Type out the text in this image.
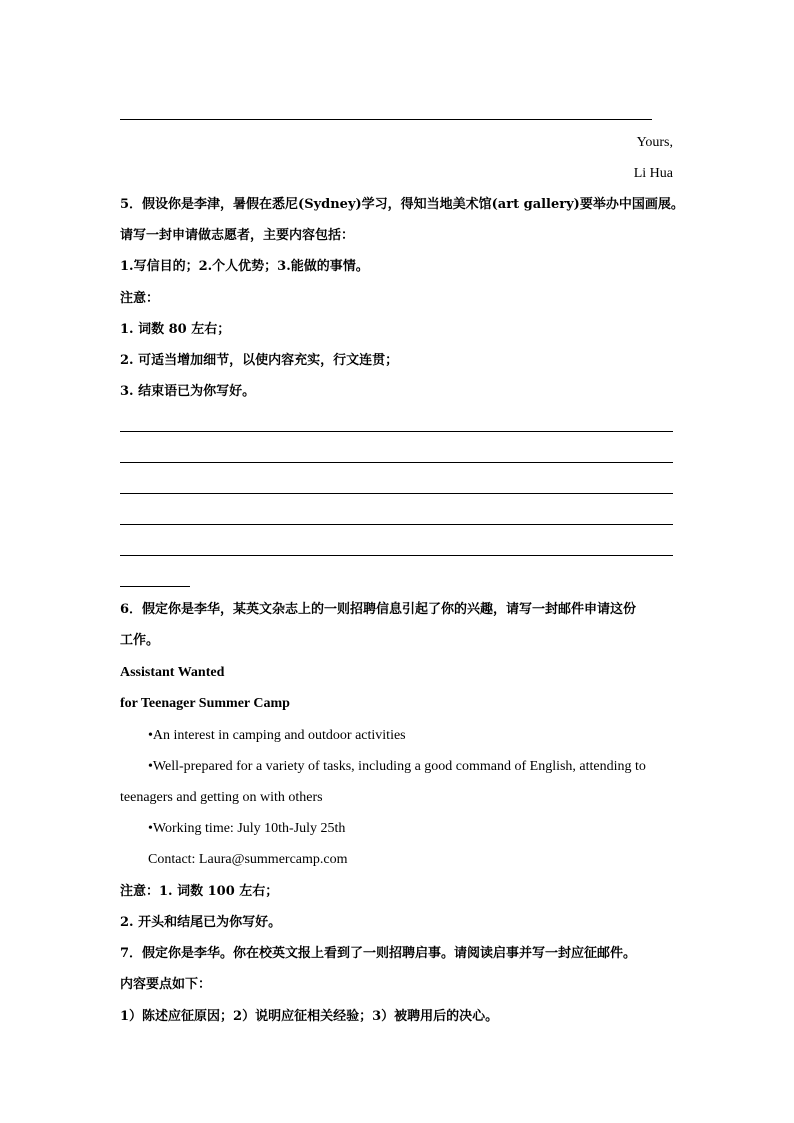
Yours,
Li Hua
5．假设你是李津，暑假在悉尼(Sydney)学习，得知当地美术馆(art gallery)要举办中国画展。
请写一封申请做志愿者，主要内容包括：
1.写信目的；2.个人优势；3.能做的事情。
注意：
1. 词数 80 左右；
2. 可适当增加细节，以使内容充实，行文连贯；
3. 结束语已为你写好。
6．假定你是李华，某英文杂志上的一则招聘信息引起了你的兴趣，请写一封邮件申请这份
工作。
Assistant Wanted
for Teenager Summer Camp
•An interest in camping and outdoor activities
•Well-prepared for a variety of tasks, including a good command of English, attending to
teenagers and getting on with others
•Working time: July 10th-July 25th
Contact: Laura@summercamp.com
注意：1. 词数 100 左右；
2. 开头和结尾已为你写好。
7．假定你是李华。你在校英文报上看到了一则招聘启事。请阅读启事并写一封应征邮件。
内容要点如下：
1）陈述应征原因；2）说明应征相关经验；3）被聘用后的决心。
